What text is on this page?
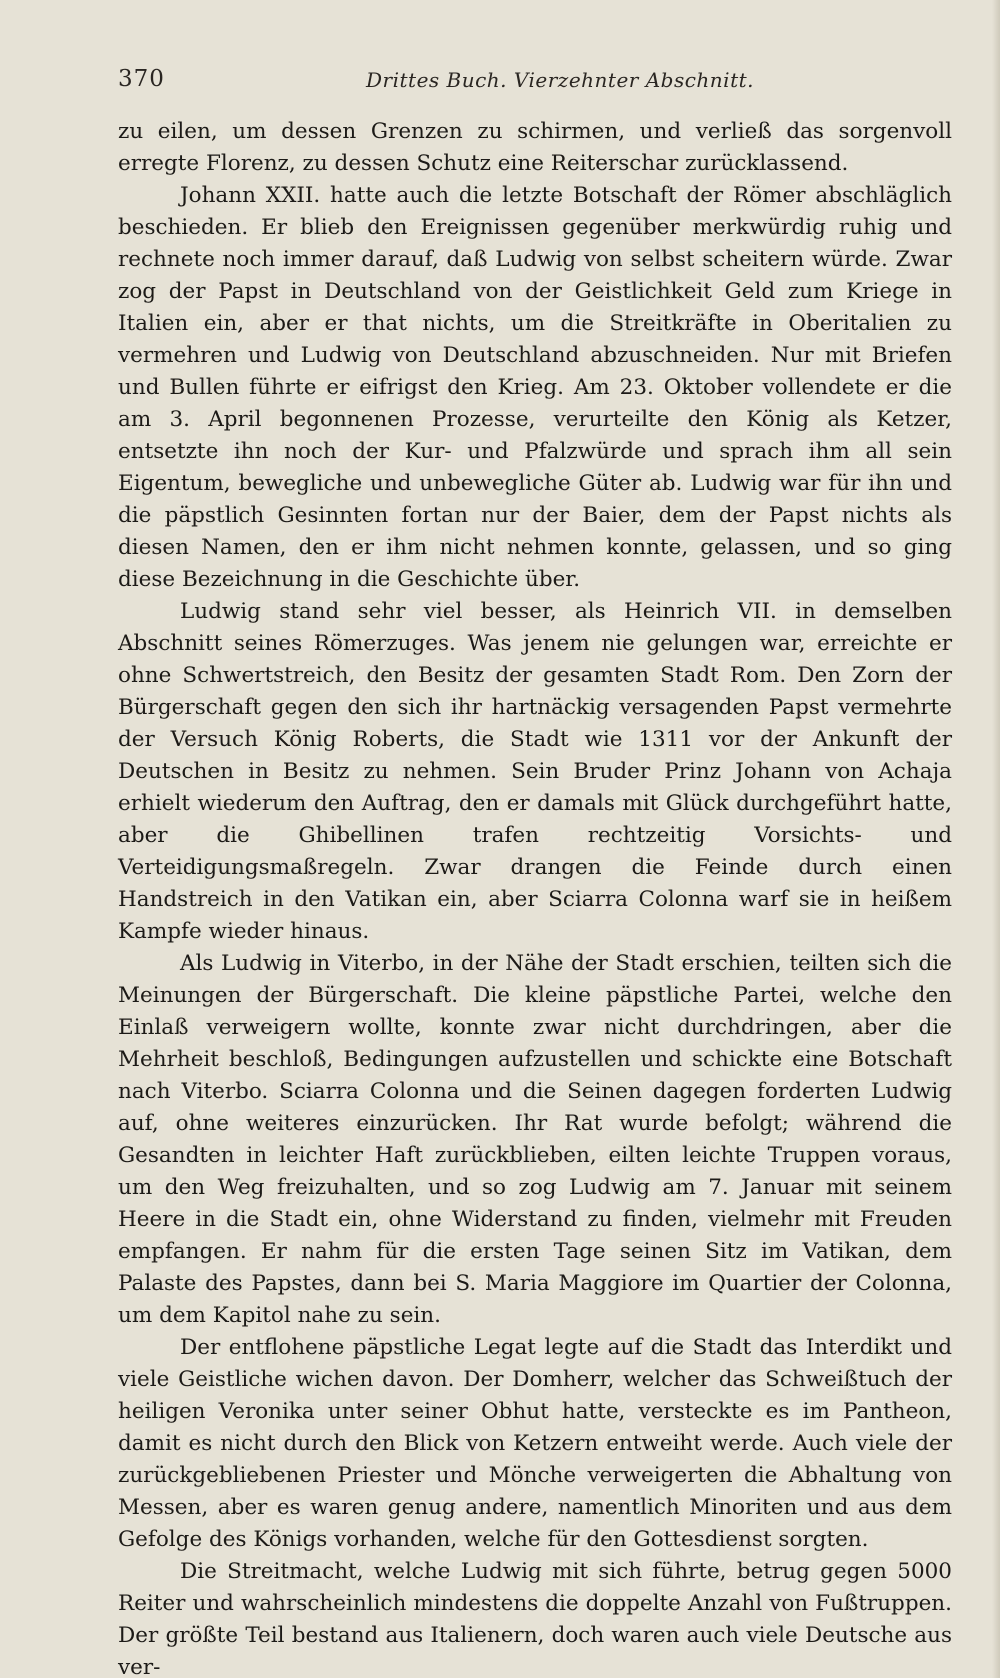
370	Drittes Buch. Vierzehnter Abschnitt.

zu eilen, um dessen Grenzen zu schirmen, und verließ das sorgenvoll erregte Florenz, zu dessen Schutz eine Reiterschar zurücklassend.

Johann XXII. hatte auch die letzte Botschaft der Römer abschläglich beschieden. Er blieb den Ereignissen gegenüber merkwürdig ruhig und rechnete noch immer darauf, daß Ludwig von selbst scheitern würde. Zwar zog der Papst in Deutschland von der Geistlichkeit Geld zum Kriege in Italien ein, aber er that nichts, um die Streitkräfte in Oberitalien zu vermehren und Ludwig von Deutschland abzuschneiden. Nur mit Briefen und Bullen führte er eifrigst den Krieg. Am 23. Oktober vollendete er die am 3. April begonnenen Prozesse, verurteilte den König als Ketzer, entsetzte ihn noch der Kur- und Pfalzwürde und sprach ihm all sein Eigentum, bewegliche und unbewegliche Güter ab. Ludwig war für ihn und die päpstlich Gesinnten fortan nur der Baier, dem der Papst nichts als diesen Namen, den er ihm nicht nehmen konnte, gelassen, und so ging diese Bezeichnung in die Geschichte über.

Ludwig stand sehr viel besser, als Heinrich VII. in demselben Abschnitt seines Römerzuges. Was jenem nie gelungen war, erreichte er ohne Schwertstreich, den Besitz der gesamten Stadt Rom. Den Zorn der Bürgerschaft gegen den sich ihr hartnäckig versagenden Papst vermehrte der Versuch König Roberts, die Stadt wie 1311 vor der Ankunft der Deutschen in Besitz zu nehmen. Sein Bruder Prinz Johann von Achaja erhielt wiederum den Auftrag, den er damals mit Glück durchgeführt hatte, aber die Ghibellinen trafen rechtzeitig Vorsichts- und Verteidigungsmaßregeln. Zwar drangen die Feinde durch einen Handstreich in den Vatikan ein, aber Sciarra Colonna warf sie in heißem Kampfe wieder hinaus.

Als Ludwig in Viterbo, in der Nähe der Stadt erschien, teilten sich die Meinungen der Bürgerschaft. Die kleine päpstliche Partei, welche den Einlaß verweigern wollte, konnte zwar nicht durchdringen, aber die Mehrheit beschloß, Bedingungen aufzustellen und schickte eine Botschaft nach Viterbo. Sciarra Colonna und die Seinen dagegen forderten Ludwig auf, ohne weiteres einzurücken. Ihr Rat wurde befolgt; während die Gesandten in leichter Haft zurückblieben, eilten leichte Truppen voraus, um den Weg freizuhalten, und so zog Ludwig am 7. Januar mit seinem Heere in die Stadt ein, ohne Widerstand zu finden, vielmehr mit Freuden empfangen. Er nahm für die ersten Tage seinen Sitz im Vatikan, dem Palaste des Papstes, dann bei S. Maria Maggiore im Quartier der Colonna, um dem Kapitol nahe zu sein.

Der entflohene päpstliche Legat legte auf die Stadt das Interdikt und viele Geistliche wichen davon. Der Domherr, welcher das Schweißtuch der heiligen Veronika unter seiner Obhut hatte, versteckte es im Pantheon, damit es nicht durch den Blick von Ketzern entweiht werde. Auch viele der zurückgebliebenen Priester und Mönche verweigerten die Abhaltung von Messen, aber es waren genug andere, namentlich Minoriten und aus dem Gefolge des Königs vorhanden, welche für den Gottesdienst sorgten.

Die Streitmacht, welche Ludwig mit sich führte, betrug gegen 5000 Reiter und wahrscheinlich mindestens die doppelte Anzahl von Fußtruppen. Der größte Teil bestand aus Italienern, doch waren auch viele Deutsche aus ver-
